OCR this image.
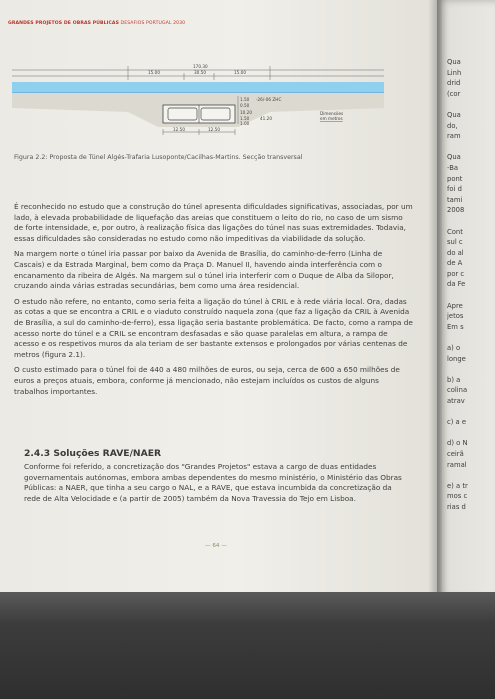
GRANDES PROJETOS DE OBRAS PÚBLICAS DESAFIOS PORTUGAL 2030
170.30
30.50
15.00	15.00
1.50 -26/-06 ZHC
0.50
10.20
1.50	41.20
1.00
12.50	12.50
Dimensões
em metros
Figura 2.2: Proposta de Túnel Algés-Trafaria Lusoponte/Cacilhas-Martins. Secção transversal

É reconhecido no estudo que a construção do túnel apresenta dificuldades significativas, associadas, por um lado, à elevada probabilidade de liquefação das areias que constituem o leito do rio, no caso de um sismo de forte intensidade, e, por outro, à realização física das ligações do túnel nas suas extremidades. Todavia, essas dificuldades são consideradas no estudo como não impeditivas da viabilidade da solução.

Na margem norte o túnel iria passar por baixo da Avenida de Brasília, do caminho-de-ferro (Linha de Cascais) e da Estrada Marginal, bem como da Praça D. Manuel II, havendo ainda interferência com o encanamento da ribeira de Algés. Na margem sul o túnel iria interferir com o Duque de Alba da Silopor, cruzando ainda várias estradas secundárias, bem como uma área residencial.

O estudo não refere, no entanto, como seria feita a ligação do túnel à CRIL e à rede viária local. Ora, dadas as cotas a que se encontra a CRIL e o viaduto construído naquela zona (que faz a ligação da CRIL à Avenida de Brasília, a sul do caminho-de-ferro), essa ligação seria bastante problemática. De facto, como a rampa de acesso norte do túnel e a CRIL se encontram desfasadas e são quase paralelas em altura, a rampa de acesso e os respetivos muros da ala teriam de ser bastante extensos e prolongados por várias centenas de metros (figura 2.1).

O custo estimado para o túnel foi de 440 a 480 milhões de euros, ou seja, cerca de 600 a 650 milhões de euros a preços atuais, embora, conforme já mencionado, não estejam incluídos os custos de alguns trabalhos importantes.

2.4.3 Soluções RAVE/NAER
Conforme foi referido, a concretização dos "Grandes Projetos" estava a cargo de duas entidades governamentais autónomas, embora ambas dependentes do mesmo ministério, o Ministério das Obras Públicas: a NAER, que tinha a seu cargo o NAL, e a RAVE, que estava incumbida da concretização da rede de Alta Velocidade e (a partir de 2005) também da Nova Travessia do Tejo em Lisboa.
— 64 —
Qua
Linh
drid
(cor

Qua
do,
ram

Qua
-Ba
pont
foi d
tami
2008

Cont
sul c
do al
de A
por c
da Fe

Apre
jetos
Em s

a) o
longe

b) a
colina
atrav

c) a e

d) o N
ceirã
ramal

e) a tr
mos c
rias d
